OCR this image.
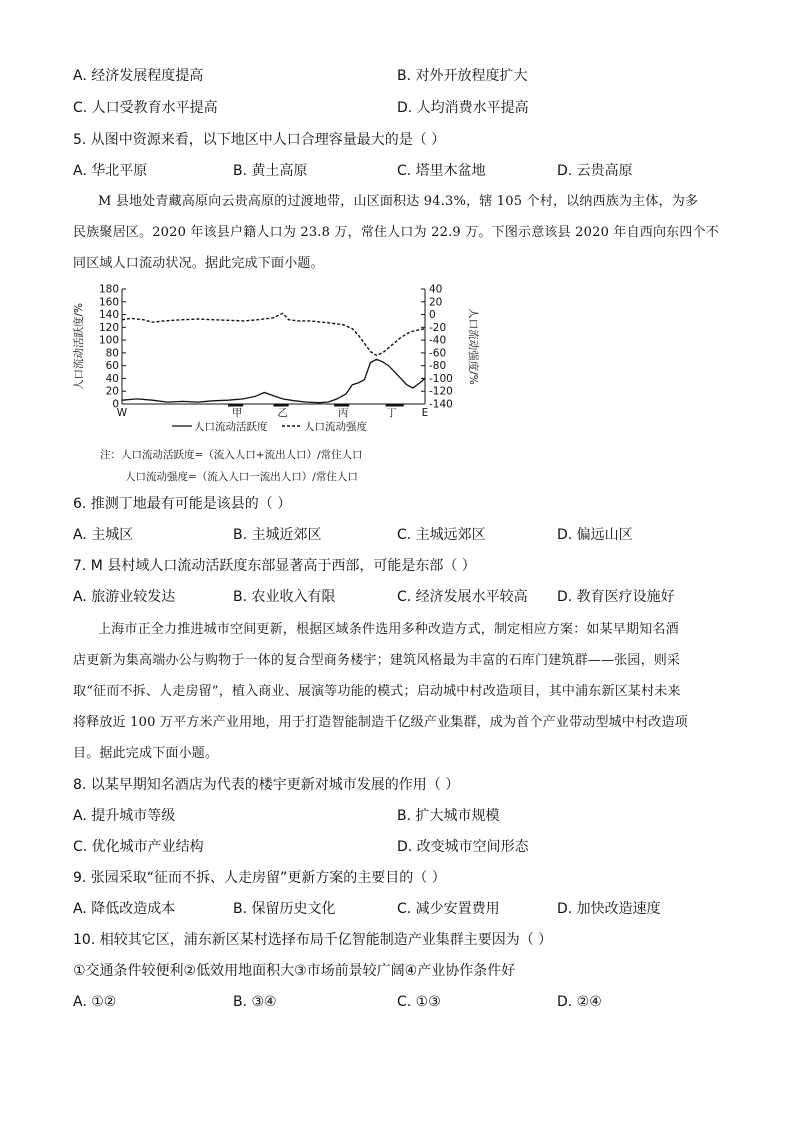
A. 经济发展程度提高	B. 对外开放程度扩大
C. 人口受教育水平提高	D. 人均消费水平提高
5. 从图中资源来看，以下地区中人口合理容量最大的是（ ）
A. 华北平原	B. 黄土高原	C. 塔里木盆地	D. 云贵高原
M 县地处青藏高原向云贵高原的过渡地带，山区面积达 94.3%，辖 105 个村，以纳西族为主体，为多
民族聚居区。2020 年该县户籍人口为 23.8 万，常住人口为 22.9 万。下图示意该县 2020 年自西向东四个不
同区域人口流动状况。据此完成下面小题。
0
20
40
60
80
100
120
140
160
180	40
20
0
-20
-40
-60
-80
-100
-120
-140
人口流动活跃度/%	人口流动强度/%
W	甲	乙	丙	丁 E
人口流动活跃度	人口流动强度
注：人口流动活跃度=（流入人口+流出人口）/常住人口
人口流动强度=（流入人口一流出人口）/常住人口
6. 推测丁地最有可能是该县的（ ）
A. 主城区	B. 主城近郊区	C. 主城远郊区	D. 偏远山区
7. M 县村域人口流动活跃度东部显著高于西部，可能是东部（ ）
A. 旅游业较发达	B. 农业收入有限	C. 经济发展水平较高 D. 教育医疗设施好
上海市正全力推进城市空间更新，根据区域条件选用多种改造方式，制定相应方案：如某早期知名酒
店更新为集高端办公与购物于一体的复合型商务楼宇；建筑风格最为丰富的石库门建筑群——张园，则采
取“征而不拆、人走房留”，植入商业、展演等功能的模式；启动城中村改造项目，其中浦东新区某村未来
将释放近 100 万平方米产业用地，用于打造智能制造千亿级产业集群，成为首个产业带动型城中村改造项
目。据此完成下面小题。
8. 以某早期知名酒店为代表的楼宇更新对城市发展的作用（ ）
A. 提升城市等级	B. 扩大城市规模
C. 优化城市产业结构	D. 改变城市空间形态
9. 张园采取“征而不拆、人走房留”更新方案的主要目的（ ）
A. 降低改造成本	B. 保留历史文化	C. 减少安置费用	D. 加快改造速度
10. 相较其它区，浦东新区某村选择布局千亿智能制造产业集群主要因为（ ）
①交通条件较便利②低效用地面积大③市场前景较广阔④产业协作条件好
A. ①②	B. ③④	C. ①③	D. ②④
